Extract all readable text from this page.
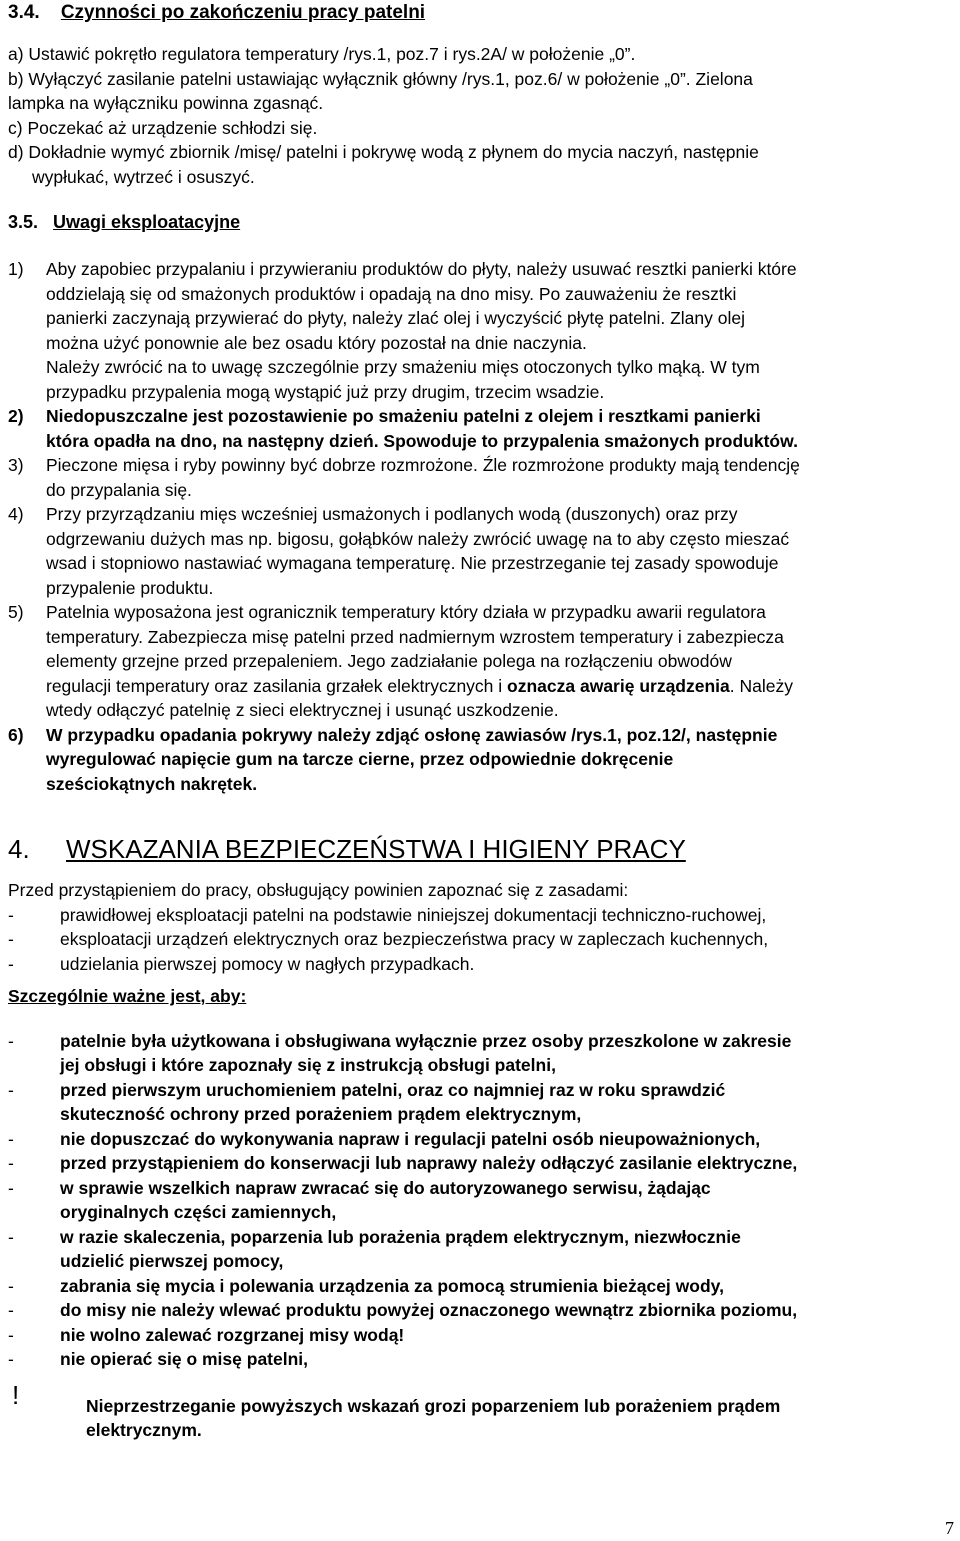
3.4. Czynności po zakończeniu pracy patelni

a) Ustawić pokrętło regulatora temperatury /rys.1, poz.7 i rys.2A/ w położenie „0”.

b) Wyłączyć zasilanie patelni ustawiając wyłącznik główny /rys.1, poz.6/ w położenie „0”. Zielona

lampka na wyłączniku powinna zgasnąć.

c) Poczekać aż urządzenie schłodzi się.

d) Dokładnie wymyć zbiornik /misę/ patelni i pokrywę wodą z płynem do mycia naczyń, następnie

wypłukać, wytrzeć i osuszyć.

3.5. Uwagi eksploatacyjne
1) Aby zapobiec przypalaniu i przywieraniu produktów do płyty, należy usuwać resztki panierki które
oddzielają się od smażonych produktów i opadają na dno misy. Po zauważeniu że resztki
panierki zaczynają przywierać do płyty, należy zlać olej i wyczyścić płytę patelni. Zlany olej
można użyć ponownie ale bez osadu który pozostał na dnie naczynia.
Należy zwrócić na to uwagę szczególnie przy smażeniu mięs otoczonych tylko mąką. W tym
przypadku przypalenia mogą wystąpić już przy drugim, trzecim wsadzie.
2) Niedopuszczalne jest pozostawienie po smażeniu patelni z olejem i resztkami panierki
która opadła na dno, na następny dzień. Spowoduje to przypalenia smażonych produktów.
3) Pieczone mięsa i ryby powinny być dobrze rozmrożone. Źle rozmrożone produkty mają tendencję
do przypalania się.
4) Przy przyrządzaniu mięs wcześniej usmażonych i podlanych wodą (duszonych) oraz przy
odgrzewaniu dużych mas np. bigosu, gołąbków należy zwrócić uwagę na to aby często mieszać
wsad i stopniowo nastawiać wymagana temperaturę. Nie przestrzeganie tej zasady spowoduje
przypalenie produktu.
5) Patelnia wyposażona jest ogranicznik temperatury który działa w przypadku awarii regulatora
temperatury. Zabezpiecza misę patelni przed nadmiernym wzrostem temperatury i zabezpiecza
elementy grzejne przed przepaleniem. Jego zadziałanie polega na rozłączeniu obwodów
regulacji temperatury oraz zasilania grzałek elektrycznych i oznacza awarię urządzenia. Należy
wtedy odłączyć patelnię z sieci elektrycznej i usunąć uszkodzenie.
6) W przypadku opadania pokrywy należy zdjąć osłonę zawiasów /rys.1, poz.12/, następnie
wyregulować napięcie gum na tarcze cierne, przez odpowiednie dokręcenie
sześciokątnych nakrętek.
4. WSKAZANIA BEZPIECZEŃSTWA I HIGIENY PRACY

Przed przystąpieniem do pracy, obsługujący powinien zapoznać się z zasadami:

-	prawidłowej eksploatacji patelni na podstawie niniejszej dokumentacji techniczno-ruchowej,
-	eksploatacji urządzeń elektrycznych oraz bezpieczeństwa pracy w zapleczach kuchennych,
-	udzielania pierwszej pomocy w nagłych przypadkach.

Szczególnie ważne jest, aby:

-	patelnie była użytkowana i obsługiwana wyłącznie przez osoby przeszkolone w zakresie
jej obsługi i które zapoznały się z instrukcją obsługi patelni,
-	przed pierwszym uruchomieniem patelni, oraz co najmniej raz w roku sprawdzić
skuteczność ochrony przed porażeniem prądem elektrycznym,
-	nie dopuszczać do wykonywania napraw i regulacji patelni osób nieupoważnionych,
-	przed przystąpieniem do konserwacji lub naprawy należy odłączyć zasilanie elektryczne,
-	w sprawie wszelkich napraw zwracać się do autoryzowanego serwisu, żądając
oryginalnych części zamiennych,
-	w razie skaleczenia, poparzenia lub porażenia prądem elektrycznym, niezwłocznie
udzielić pierwszej pomocy,
-	zabrania się mycia i polewania urządzenia za pomocą strumienia bieżącej wody,
-	do misy nie należy wlewać produktu powyżej oznaczonego wewnątrz zbiornika poziomu,
-	nie wolno zalewać rozgrzanej misy wodą!
-	nie opierać się o misę patelni,
!	Nieprzestrzeganie powyższych wskazań grozi poparzeniem lub porażeniem prądem
elektrycznym.
7
